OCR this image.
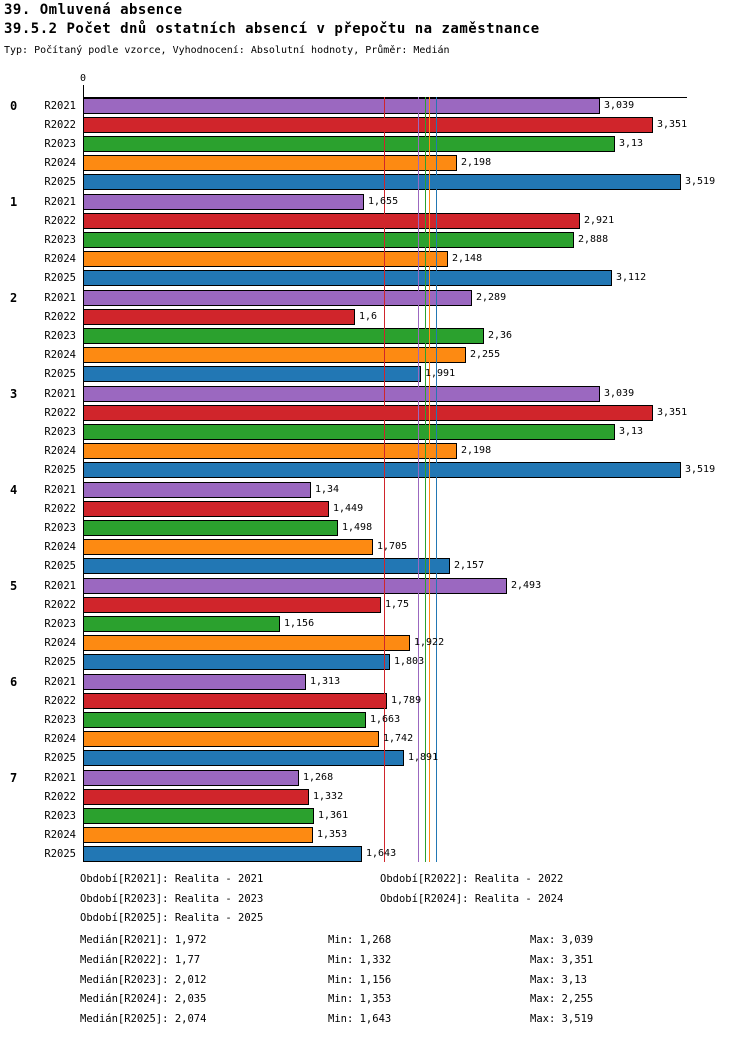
39. Omluvená absence
39.5.2 Počet dnů ostatních absencí v přepočtu na zaměstnance
Typ: Počítaný podle vzorce, Vyhodnocení: Absolutní hodnoty, Průměr: Medián
0
0	R2021	3,039
R2022	3,351
R2023	3,13
R2024	2,198
R2025	3,519
1	R2021	1,655
R2022	2,921
R2023	2,888
R2024	2,148
R2025	3,112
2	R2021	2,289
R2022	1,6
R2023	2,36
R2024	2,255
R2025	1,991
3	R2021	3,039
R2022	3,351
R2023	3,13
R2024	2,198
R2025	3,519
4	R2021	1,34
R2022	1,449
R2023	1,498
R2024	1,705
R2025	2,157
5	R2021	2,493
R2022	1,75
R2023	1,156
R2024	1,922
R2025	1,803
6	R2021	1,313
R2022	1,789
R2023	1,663
R2024	1,742
R2025	1,891
7	R2021	1,268
R2022	1,332
R2023	1,361
R2024	1,353
R2025	1,643
Období[R2021]: Realita - 2021	Období[R2022]: Realita - 2022
Období[R2023]: Realita - 2023	Období[R2024]: Realita - 2024
Období[R2025]: Realita - 2025
Medián[R2021]: 1,972	Min: 1,268	Max: 3,039
Medián[R2022]: 1,77	Min: 1,332	Max: 3,351
Medián[R2023]: 2,012	Min: 1,156	Max: 3,13
Medián[R2024]: 2,035	Min: 1,353	Max: 2,255
Medián[R2025]: 2,074	Min: 1,643	Max: 3,519
